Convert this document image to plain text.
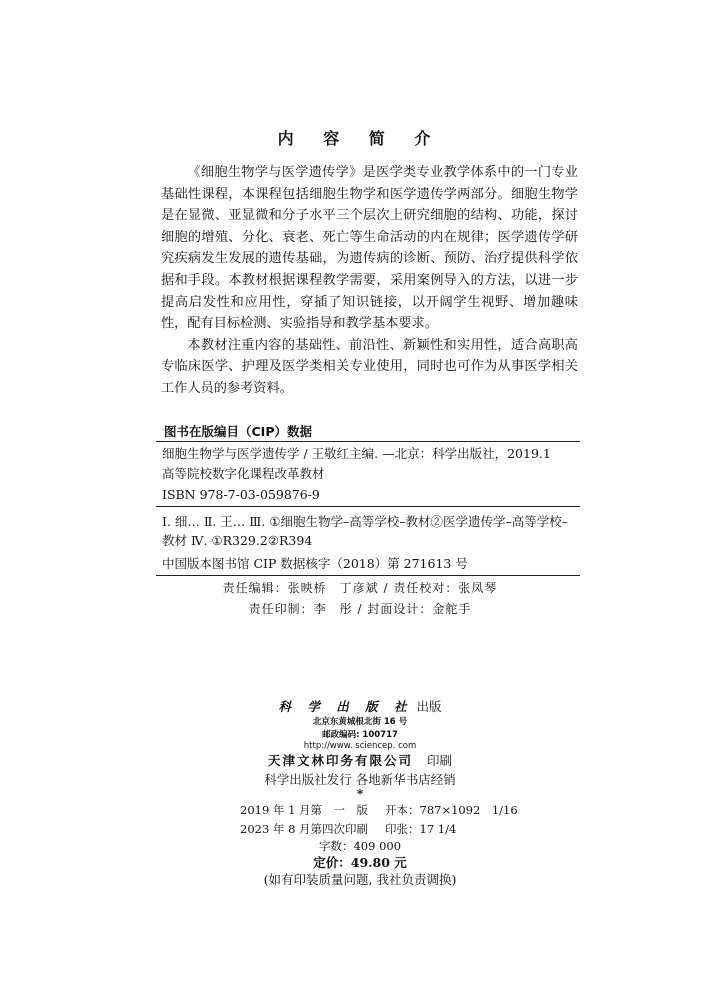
内 容 简 介

《细胞生物学与医学遗传学》是医学类专业教学体系中的一门专业基础性课程，本课程包括细胞生物学和医学遗传学两部分。细胞生物学是在显微、亚显微和分子水平三个层次上研究细胞的结构、功能，探讨细胞的增殖、分化、衰老、死亡等生命活动的内在规律；医学遗传学研究疾病发生发展的遗传基础，为遗传病的诊断、预防、治疗提供科学依据和手段。本教材根据课程教学需要，采用案例导入的方法，以进一步提高启发性和应用性，穿插了知识链接，以开阔学生视野、增加趣味性，配有目标检测、实验指导和教学基本要求。

本教材注重内容的基础性、前沿性、新颖性和实用性，适合高职高专临床医学、护理及医学类相关专业使用，同时也可作为从事医学相关工作人员的参考资料。

图书在版编目（CIP）数据
细胞生物学与医学遗传学 / 王敬红主编. —北京：科学出版社，2019.1
高等院校数字化课程改革教材
ISBN 978-7-03-059876-9

Ⅰ. 细… Ⅱ. 王… Ⅲ. ①细胞生物学–高等学校–教材②医学遗传学–高等学校–教材 Ⅳ. ①R329.2②R394

中国版本图书馆 CIP 数据核字（2018）第 271613 号
责任编辑：张映桥　丁彦斌 / 责任校对：张凤琴
责任印制：李　彤 / 封面设计：金舵手
科 学 出 版 社 出版
北京东黄城根北街 16 号
邮政编码: 100717
http://www. sciencep. com
天津文林印务有限公司 印刷
科学出版社发行 各地新华书店经销
*
2019 年 1 月第　一　版 开本：787×1092　1/16
2023 年 8 月第四次印刷 印张：17 1/4
字数：409 000
定价：49.80 元
(如有印装质量问题, 我社负责调换)
